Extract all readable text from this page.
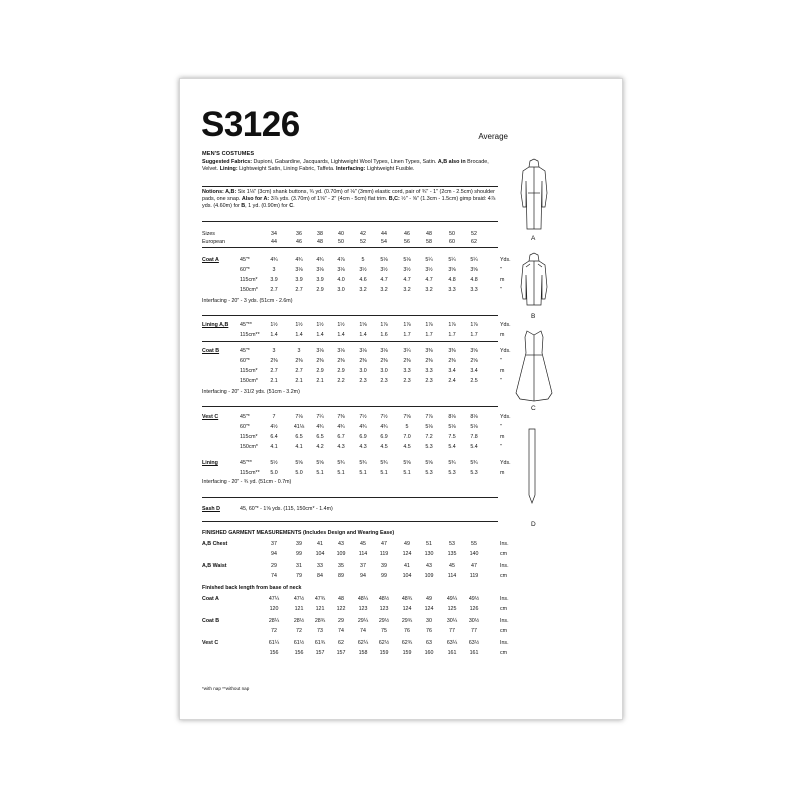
S3126	Average
MEN'S COSTUMES
Suggested Fabrics: Dupioni, Gabardine, Jacquards, Lightweight Wool Types, Linen Types, Satin. A,B also in Brocade, Velvet. Lining: Lightweight Satin, Lining Fabric, Taffeta. Interfacing: Lightweight Fusible.
Notions: A,B: Six 1⅛" (3cm) shank buttons, ¾ yd. (0.70m) of ⅛" (3mm) elastic cord, pair of ¾" - 1" (2cm - 2.5cm) shoulder pads, one snap. Also for A: 3⅞ yds. (3.70m) of 1⅝" - 2" (4cm - 5cm) flat trim. B,C: ½" - ⅝" (1.3cm - 1.5cm) gimp braid: 4⅞ yds. (4.60m) for B, 1 yd. (0.90m) for C.
Sizes	34	36	38	40	42	44	46	48	50	52
European	44	46	48	50	52	54	56	58	60	62
Coat A	45"*	4¾	4¾	4¾	4⅞	5	5⅛	5⅛	5¼	5¼	5¼	Yds.
60"*	3	3⅛	3⅛	3⅛	3½	3½	3½	3½	3⅝	3⅝	"
115cm*	3.9	3.9	3.9	4.0	4.6	4.7	4.7	4.7	4.8	4.8	m
150cm*	2.7	2.7	2.9	3.0	3.2	3.2	3.2	3.2	3.3	3.3	"
Interfacing - 20" - 3 yds. (51cm - 2.6m)
Lining A,B 45"**	1½	1½	1½	1½	1⅝	1⅞	1⅞	1⅞	1⅞	1⅞	Yds.
115cm**	1.4	1.4	1.4	1.4	1.4	1.6	1.7	1.7	1.7	1.7	m
Coat B	45"*	3	3	3⅛	3⅛	3⅛	3⅛	3¼	3⅜	3⅜	3⅝	Yds.
60"*	2⅜	2⅜	2⅜	2⅜	2⅜	2⅜	2⅜	2⅜	2⅜	2⅝	"
115cm*	2.7	2.7	2.9	2.9	3.0	3.0	3.3	3.3	3.4	3.4	m
150cm*	2.1	2.1	2.1	2.2	2.3	2.3	2.3	2.3	2.4	2.5	"
Interfacing - 20" - 31/2 yds. (51cm - 3.2m)
Vest C	45"*	7	7⅛	7¼	7⅜	7½	7½	7⅝	7⅞	8⅛	8⅛	Yds.
60"*	4½	41⅛	4¾	4¾	4¾	4¾	5	5⅛	5⅛	5⅛	"
115cm*	6.4	6.5	6.5	6.7	6.9	6.9	7.0	7.2	7.5	7.8	m
150cm*	4.1	4.1	4.2	4.3	4.3	4.5	4.5	5.3	5.4	5.4	"
Lining	45"**	5½	5⅝	5⅝	5¾	5¾	5¾	5⅝	5⅝	5¾	5¾	Yds.
115cm**	5.0	5.0	5.1	5.1	5.1	5.1	5.1	5.3	5.3	5.3	m
Interfacing - 20" - ¾ yd. (51cm - 0.7m)
Sash D	45, 60"* - 1⅝ yds. (115, 150cm* - 1.4m)
FINISHED GARMENT MEASUREMENTS (Includes Design and Wearing Ease)
A,B Chest	37	39	41	43	45	47	49	51	53	55	Ins.
94	99	104	109	114	119	124	130	135	140	cm
A,B Waist	29	31	33	35	37	39	41	43	45	47	Ins.
74	79	84	89	94	99	104	109	114	119	cm
Finished back length from base of neck
Coat A	47¼	47½	47¾	48	48¼	48½	48¾	49	49¼	49½	Ins.
120	121	121	122	123	123	124	124	125	126	cm
Coat B	28¼	28½	28¾	29	29¼	29½	29¾	30	30¼	30½	Ins.
72	72	73	74	74	75	76	76	77	77	cm
Vest C	61¼	61½	61¾	62	62¼	62½	62¾	63	63¼	63½	Ins.
156	156	157	157	158	159	159	160	161	161	cm
*with nap **without nap
A
B
C
D
